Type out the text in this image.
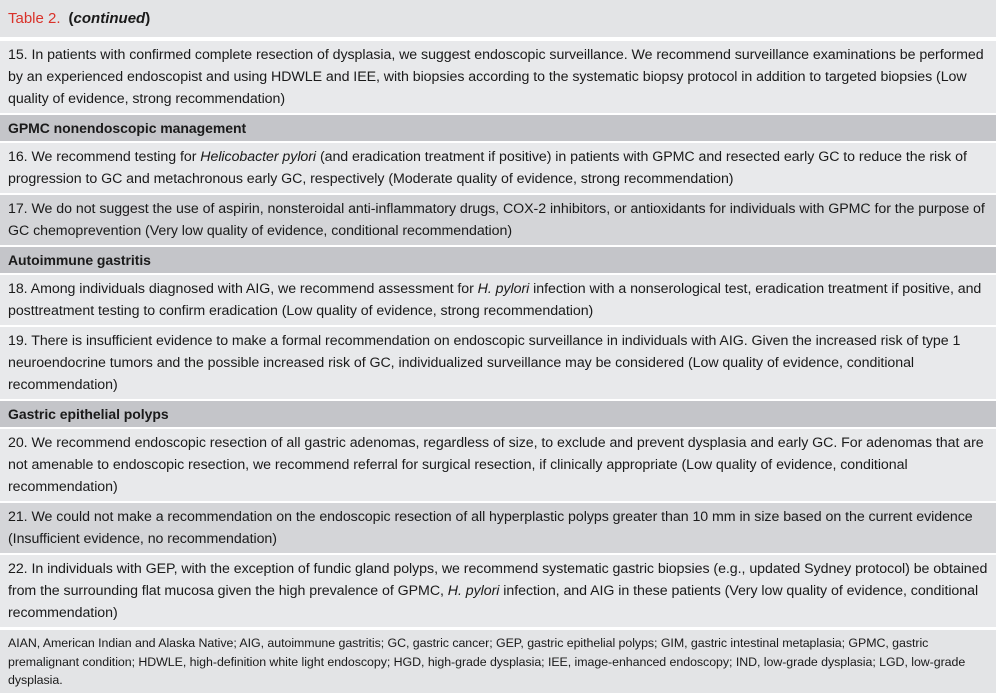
Table 2. (continued)
15. In patients with confirmed complete resection of dysplasia, we suggest endoscopic surveillance. We recommend surveillance examinations be performed by an experienced endoscopist and using HDWLE and IEE, with biopsies according to the systematic biopsy protocol in addition to targeted biopsies (Low quality of evidence, strong recommendation)
GPMC nonendoscopic management
16. We recommend testing for Helicobacter pylori (and eradication treatment if positive) in patients with GPMC and resected early GC to reduce the risk of progression to GC and metachronous early GC, respectively (Moderate quality of evidence, strong recommendation)
17. We do not suggest the use of aspirin, nonsteroidal anti-inflammatory drugs, COX-2 inhibitors, or antioxidants for individuals with GPMC for the purpose of GC chemoprevention (Very low quality of evidence, conditional recommendation)
Autoimmune gastritis
18. Among individuals diagnosed with AIG, we recommend assessment for H. pylori infection with a nonserological test, eradication treatment if positive, and posttreatment testing to confirm eradication (Low quality of evidence, strong recommendation)
19. There is insufficient evidence to make a formal recommendation on endoscopic surveillance in individuals with AIG. Given the increased risk of type 1 neuroendocrine tumors and the possible increased risk of GC, individualized surveillance may be considered (Low quality of evidence, conditional recommendation)
Gastric epithelial polyps
20. We recommend endoscopic resection of all gastric adenomas, regardless of size, to exclude and prevent dysplasia and early GC. For adenomas that are not amenable to endoscopic resection, we recommend referral for surgical resection, if clinically appropriate (Low quality of evidence, conditional recommendation)
21. We could not make a recommendation on the endoscopic resection of all hyperplastic polyps greater than 10 mm in size based on the current evidence (Insufficient evidence, no recommendation)
22. In individuals with GEP, with the exception of fundic gland polyps, we recommend systematic gastric biopsies (e.g., updated Sydney protocol) be obtained from the surrounding flat mucosa given the high prevalence of GPMC, H. pylori infection, and AIG in these patients (Very low quality of evidence, conditional recommendation)
AIAN, American Indian and Alaska Native; AIG, autoimmune gastritis; GC, gastric cancer; GEP, gastric epithelial polyps; GIM, gastric intestinal metaplasia; GPMC, gastric premalignant condition; HDWLE, high-definition white light endoscopy; HGD, high-grade dysplasia; IEE, image-enhanced endoscopy; IND, low-grade dysplasia; LGD, low-grade dysplasia.
